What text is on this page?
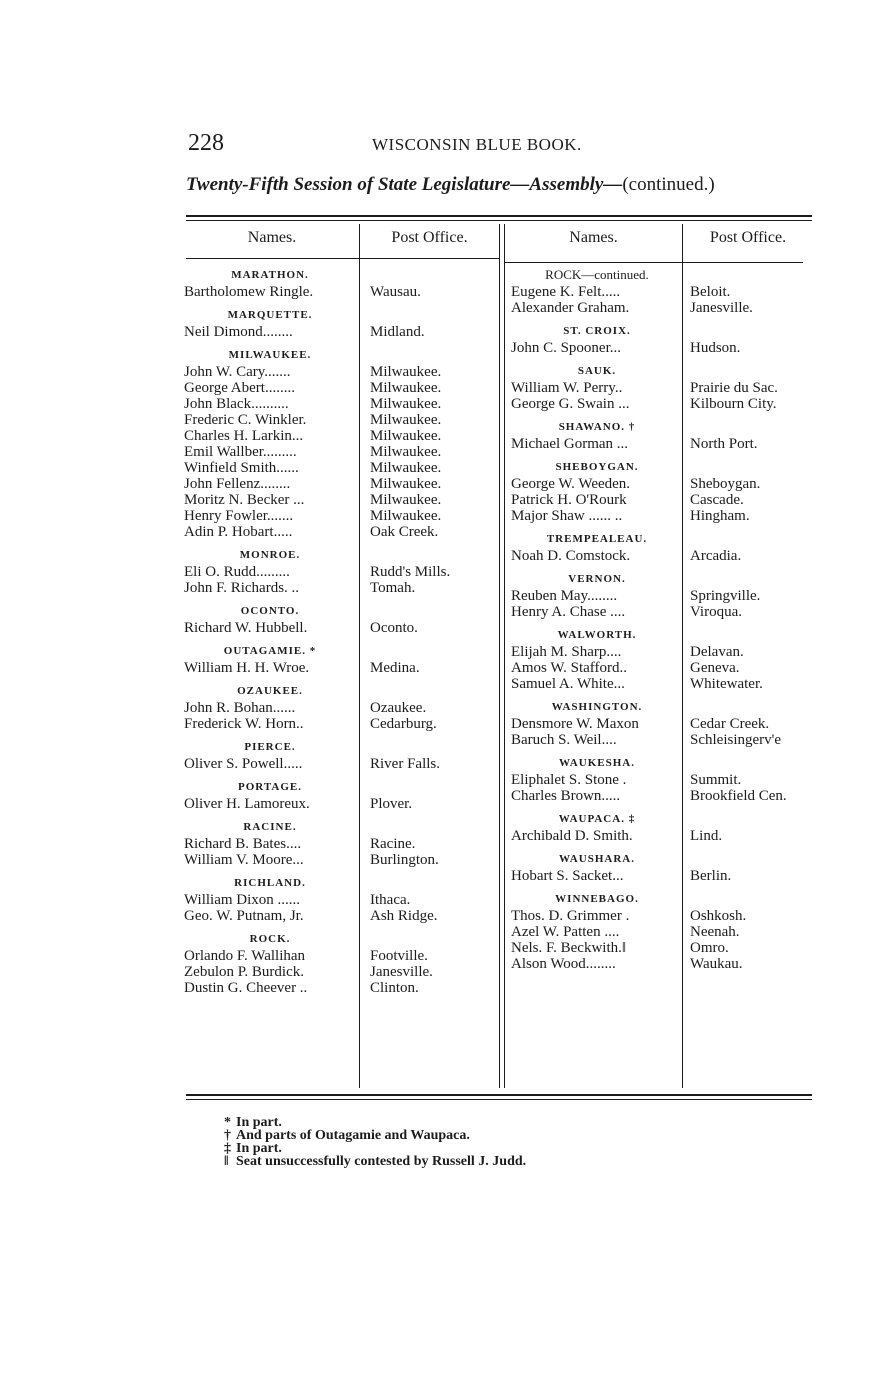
228	WISCONSIN BLUE BOOK.
Twenty-Fifth Session of State Legislature—Assembly—(continued.)
Names.	Post Office.	Names.	Post Office.
MARATHON.
Bartholomew Ringle.	Wausau.
MARQUETTE.
Neil Dimond........	Midland.
MILWAUKEE.
John W. Cary.......	Milwaukee.
George Abert........	Milwaukee.
John Black..........	Milwaukee.
Frederic C. Winkler.	Milwaukee.
Charles H. Larkin...	Milwaukee.
Emil Wallber.........	Milwaukee.
Winfield Smith......	Milwaukee.
John Fellenz........	Milwaukee.
Moritz N. Becker ...	Milwaukee.
Henry Fowler.......	Milwaukee.
Adin P. Hobart.....	Oak Creek.
MONROE.
Eli O. Rudd.........	Rudd's Mills.
John F. Richards. ..	Tomah.
OCONTO.
Richard W. Hubbell.	Oconto.
OUTAGAMIE. *
William H. H. Wroe.	Medina.
OZAUKEE.
John R. Bohan......	Ozaukee.
Frederick W. Horn..	Cedarburg.
PIERCE.
Oliver S. Powell.....	River Falls.
PORTAGE.
Oliver H. Lamoreux.	Plover.
RACINE.
Richard B. Bates....	Racine.
William V. Moore...	Burlington.
RICHLAND.
William Dixon ......	Ithaca.
Geo. W. Putnam, Jr.	Ash Ridge.
ROCK.
Orlando F. Wallihan	Footville.
Zebulon P. Burdick.	Janesville.
Dustin G. Cheever ..	Clinton.
ROCK—continued.
Eugene K. Felt.....	Beloit.
Alexander Graham.	Janesville.
ST. CROIX.
John C. Spooner...	Hudson.
SAUK.
William W. Perry..	Prairie du Sac.
George G. Swain ...	Kilbourn City.
SHAWANO. †
Michael Gorman ...	North Port.
SHEBOYGAN.
George W. Weeden.	Sheboygan.
Patrick H. O'Rourk	Cascade.
Major Shaw ...... ..	Hingham.
TREMPEALEAU.
Noah D. Comstock.	Arcadia.
VERNON.
Reuben May........	Springville.
Henry A. Chase ....	Viroqua.
WALWORTH.
Elijah M. Sharp....	Delavan.
Amos W. Stafford..	Geneva.
Samuel A. White...	Whitewater.
WASHINGTON.
Densmore W. Maxon	Cedar Creek.
Baruch S. Weil....	Schleisingerv'e
WAUKESHA.
Eliphalet S. Stone .	Summit.
Charles Brown.....	Brookfield Cen.
WAUPACA. ‡
Archibald D. Smith.	Lind.
WAUSHARA.
Hobart S. Sacket...	Berlin.
WINNEBAGO.
Thos. D. Grimmer .	Oshkosh.
Azel W. Patten ....	Neenah.
Nels. F. Beckwith.‖	Omro.
Alson Wood........	Waukau.
* In part.
† And parts of Outagamie and Waupaca.
‡ In part.
‖ Seat unsuccessfully contested by Russell J. Judd.
